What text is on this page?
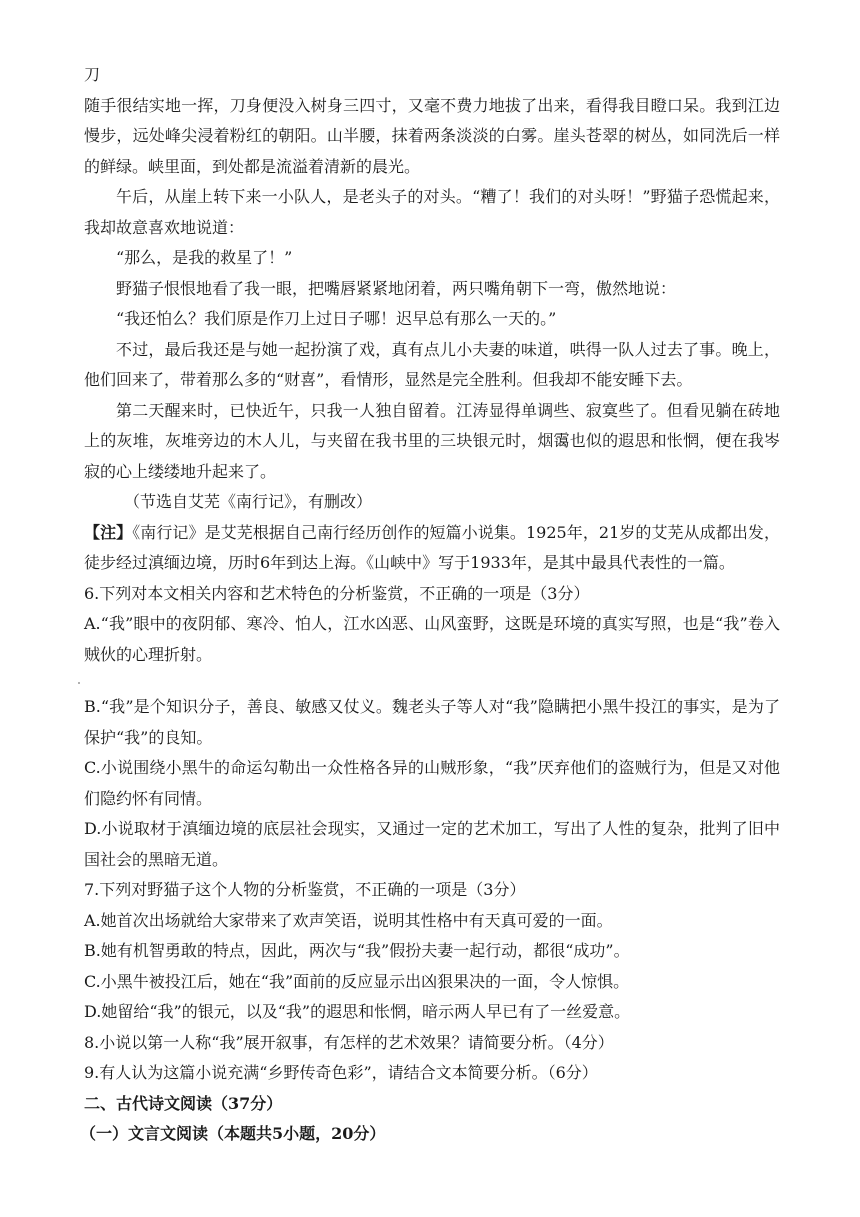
刀

随手很结实地一挥，刀身便没入树身三四寸，又毫不费力地拔了出来，看得我目瞪口呆。我到江边慢步，远处峰尖浸着粉红的朝阳。山半腰，抹着两条淡淡的白雾。崖头苍翠的树丛，如同洗后一样的鲜绿。峡里面，到处都是流溢着清新的晨光。

午后，从崖上转下来一小队人，是老头子的对头。“糟了！我们的对头呀！”野猫子恐慌起来，我却故意喜欢地说道：

“那么，是我的救星了！”

野猫子恨恨地看了我一眼，把嘴唇紧紧地闭着，两只嘴角朝下一弯，傲然地说：

“我还怕么？我们原是作刀上过日子哪！迟早总有那么一天的。”

不过，最后我还是与她一起扮演了戏，真有点儿小夫妻的味道，哄得一队人过去了事。晚上，他们回来了，带着那么多的“财喜”，看情形，显然是完全胜利。但我却不能安睡下去。

第二天醒来时，已快近午，只我一人独自留着。江涛显得单调些、寂寞些了。但看见躺在砖地上的灰堆，灰堆旁边的木人儿，与夹留在我书里的三块银元时，烟霭也似的遐思和怅惘，便在我岑寂的心上缕缕地升起来了。

（节选自艾芜《南行记》，有删改）

【注】《南行记》是艾芜根据自己南行经历创作的短篇小说集。1925年，21岁的艾芜从成都出发，徒步经过滇缅边境，历时6年到达上海。《山峡中》写于1933年，是其中最具代表性的一篇。

6.下列对本文相关内容和艺术特色的分析鉴赏，不正确的一项是（3分）

A.“我”眼中的夜阴郁、寒冷、怕人，江水凶恶、山风蛮野，这既是环境的真实写照，也是“我”卷入贼伙的心理折射。

B.“我”是个知识分子，善良、敏感又仗义。魏老头子等人对“我”隐瞒把小黑牛投江的事实，是为了保护“我”的良知。

C.小说围绕小黑牛的命运勾勒出一众性格各异的山贼形象，“我”厌弃他们的盗贼行为，但是又对他们隐约怀有同情。

D.小说取材于滇缅边境的底层社会现实，又通过一定的艺术加工，写出了人性的复杂，批判了旧中国社会的黑暗无道。

7.下列对野猫子这个人物的分析鉴赏，不正确的一项是（3分）

A.她首次出场就给大家带来了欢声笑语，说明其性格中有天真可爱的一面。

B.她有机智勇敢的特点，因此，两次与“我”假扮夫妻一起行动，都很“成功”。

C.小黑牛被投江后，她在“我”面前的反应显示出凶狠果决的一面，令人惊惧。

D.她留给“我”的银元，以及“我”的遐思和怅惘，暗示两人早已有了一丝爱意。

8.小说以第一人称“我”展开叙事，有怎样的艺术效果？请简要分析。（4分）

9.有人认为这篇小说充满“乡野传奇色彩”，请结合文本简要分析。（6分）

二、古代诗文阅读（37分）

（一）文言文阅读（本题共5小题，20分）
